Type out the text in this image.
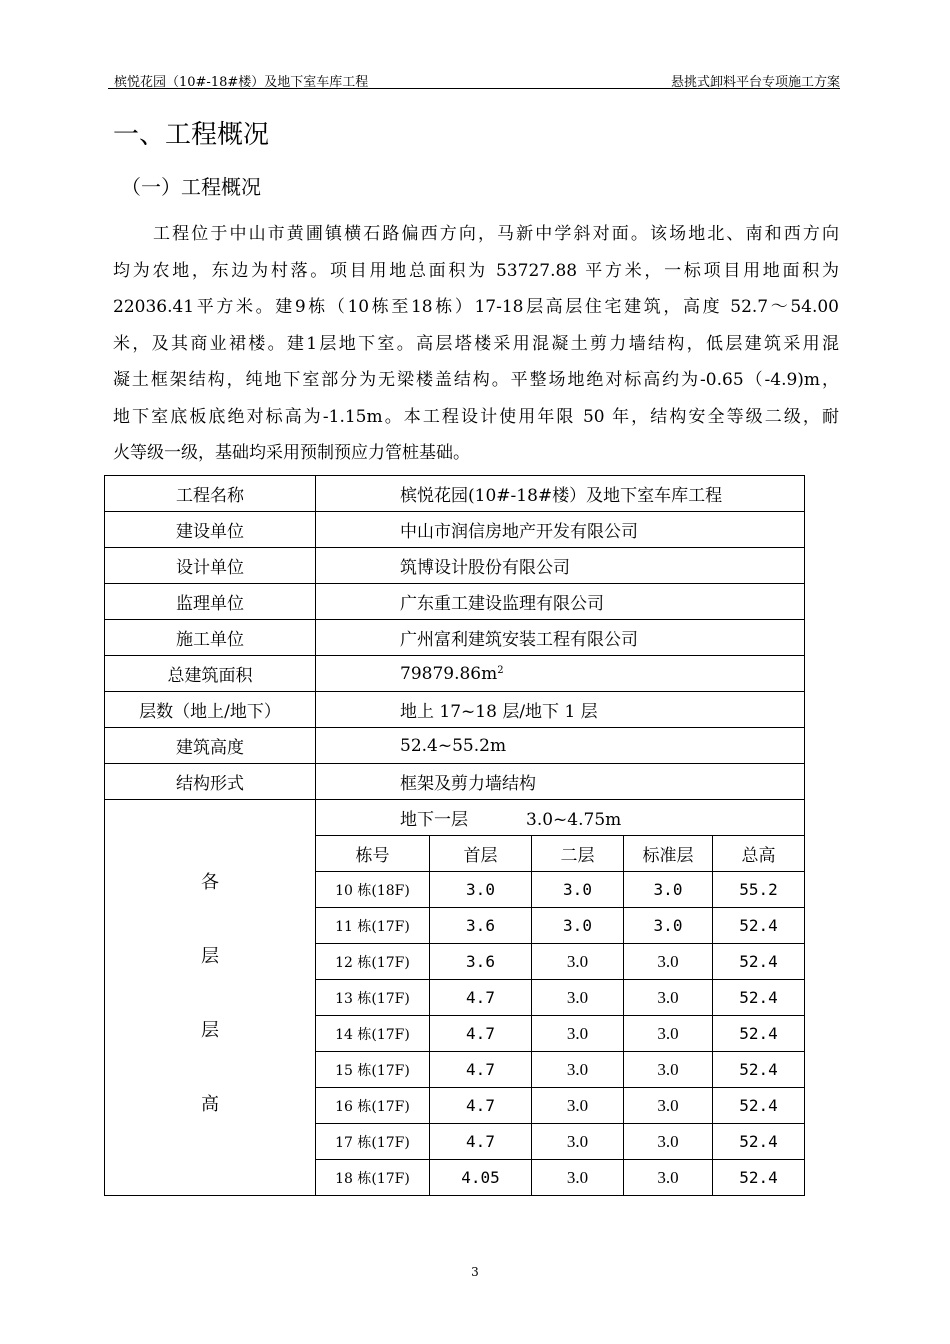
槟悦花园（10#-18#楼）及地下室车库工程	悬挑式卸料平台专项施工方案
一、工程概况
（一）工程概况
工程位于中山市黄圃镇横石路偏西方向，马新中学斜对面。该场地北、南和西方向
均为农地，东边为村落。项目用地总面积为 53727.88 平方米，一标项目用地面积为
22036.41平方米。建9栋（10栋至18栋）17-18层高层住宅建筑，高度 52.7～54.00
米，及其商业裙楼。建1层地下室。高层塔楼采用混凝土剪力墙结构，低层建筑采用混
凝土框架结构，纯地下室部分为无梁楼盖结构。平整场地绝对标高约为-0.65（-4.9)m，
地下室底板底绝对标高为-1.15m。本工程设计使用年限 50 年，结构安全等级二级，耐
火等级一级，基础均采用预制预应力管桩基础。
工程名称	槟悦花园(10#-18#楼）及地下室车库工程				
建设单位	中山市润信房地产开发有限公司				
设计单位	筑博设计股份有限公司				
监理单位	广东重工建设监理有限公司				
施工单位	广州富利建筑安装工程有限公司				
总建筑面积	$79879.86m^2$
层数（地上/地下）	地上 17~18 层/地下 1 层				
建筑高度	52.4~55.2m				
结构形式	框架及剪力墙结构				

各
层
层
高	地下一层 3.0~4.75m				
	栋号	首层	二层	标准层	总高
	10 栋(18F)	3.0	3.0	3.0	55.2
	11 栋(17F)	3.6	3.0	3.0	52.4
	12 栋(17F)	3.6	3.0	3.0	52.4
	13 栋(17F)	4.7	3.0	3.0	52.4
	14 栋(17F)	4.7	3.0	3.0	52.4
	15 栋(17F)	4.7	3.0	3.0	52.4
	16 栋(17F)	4.7	3.0	3.0	52.4
	17 栋(17F)	4.7	3.0	3.0	52.4
	18 栋(17F)	4.05	3.0	3.0	52.4
3
